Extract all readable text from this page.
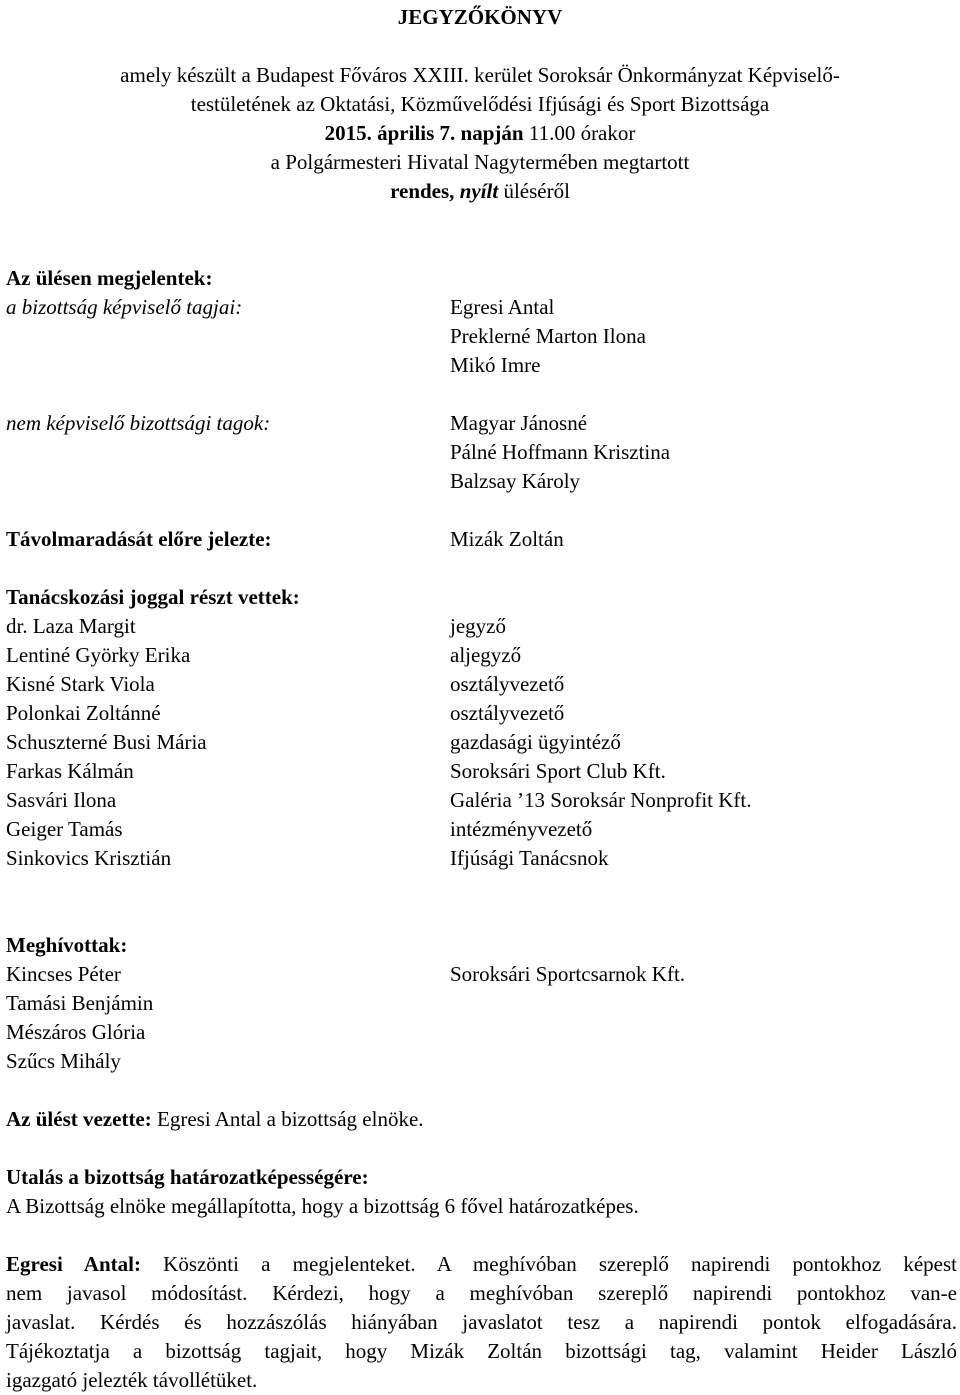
JEGYZŐKÖNYV
amely készült a Budapest Főváros XXIII. kerület Soroksár Önkormányzat Képviselő-
testületének az Oktatási, Közművelődési Ifjúsági és Sport Bizottsága
2015. április 7. napján 11.00 órakor
a Polgármesteri Hivatal Nagytermében megtartott
rendes, nyílt üléséről
Az ülésen megjelentek:
a bizottság képviselő tagjai:	Egresi Antal
Preklerné Marton Ilona
Mikó Imre
nem képviselő bizottsági tagok:	Magyar Jánosné
Pálné Hoffmann Krisztina
Balzsay Károly
Távolmaradását előre jelezte:	Mizák Zoltán
Tanácskozási joggal részt vettek:
dr. Laza Margit	jegyző
Lentiné Györky Erika	aljegyző
Kisné Stark Viola	osztályvezető
Polonkai Zoltánné	osztályvezető
Schuszterné Busi Mária	gazdasági ügyintéző
Farkas Kálmán	Soroksári Sport Club Kft.
Sasvári Ilona	Galéria ’13 Soroksár Nonprofit Kft.
Geiger Tamás	intézményvezető
Sinkovics Krisztián	Ifjúsági Tanácsnok
Meghívottak:
Kincses Péter	Soroksári Sportcsarnok Kft.
Tamási Benjámin
Mészáros Glória
Szűcs Mihály
Az ülést vezette: Egresi Antal a bizottság elnöke.
Utalás a bizottság határozatképességére:
A Bizottság elnöke megállapította, hogy a bizottság 6 fővel határozatképes.
Egresi Antal: Köszönti a megjelenteket. A meghívóban szereplő napirendi pontokhoz képest
nem javasol módosítást. Kérdezi, hogy a meghívóban szereplő napirendi pontokhoz van-e
javaslat. Kérdés és hozzászólás hiányában javaslatot tesz a napirendi pontok elfogadására.
Tájékoztatja a bizottság tagjait, hogy Mizák Zoltán bizottsági tag, valamint Heider László
igazgató jelezték távollétüket.
